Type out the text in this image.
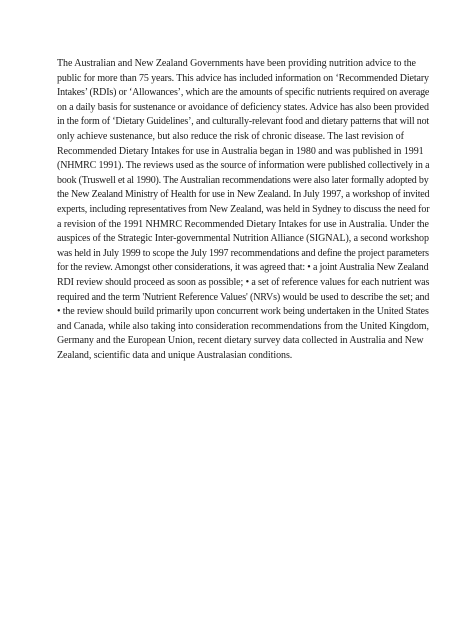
The Australian and New Zealand Governments have been providing nutrition advice to the
public for more than 75 years. This advice has included information on ‘Recommended Dietary
Intakes’ (RDIs) or ‘Allowances’, which are the amounts of specific nutrients required on average
on a daily basis for sustenance or avoidance of deficiency states. Advice has also been provided
in the form of ‘Dietary Guidelines’, and culturally-relevant food and dietary patterns that will not
only achieve sustenance, but also reduce the risk of chronic disease. The last revision of
Recommended Dietary Intakes for use in Australia began in 1980 and was published in 1991
(NHMRC 1991). The reviews used as the source of information were published collectively in a
book (Truswell et al 1990). The Australian recommendations were also later formally adopted by
the New Zealand Ministry of Health for use in New Zealand. In July 1997, a workshop of invited
experts, including representatives from New Zealand, was held in Sydney to discuss the need for
a revision of the 1991 NHMRC Recommended Dietary Intakes for use in Australia. Under the
auspices of the Strategic Inter-governmental Nutrition Alliance (SIGNAL), a second workshop
was held in July 1999 to scope the July 1997 recommendations and define the project parameters
for the review. Amongst other considerations, it was agreed that: • a joint Australia New Zealand
RDI review should proceed as soon as possible; • a set of reference values for each nutrient was
required and the term 'Nutrient Reference Values' (NRVs) would be used to describe the set; and
• the review should build primarily upon concurrent work being undertaken in the United States
and Canada, while also taking into consideration recommendations from the United Kingdom,
Germany and the European Union, recent dietary survey data collected in Australia and New
Zealand, scientific data and unique Australasian conditions.
